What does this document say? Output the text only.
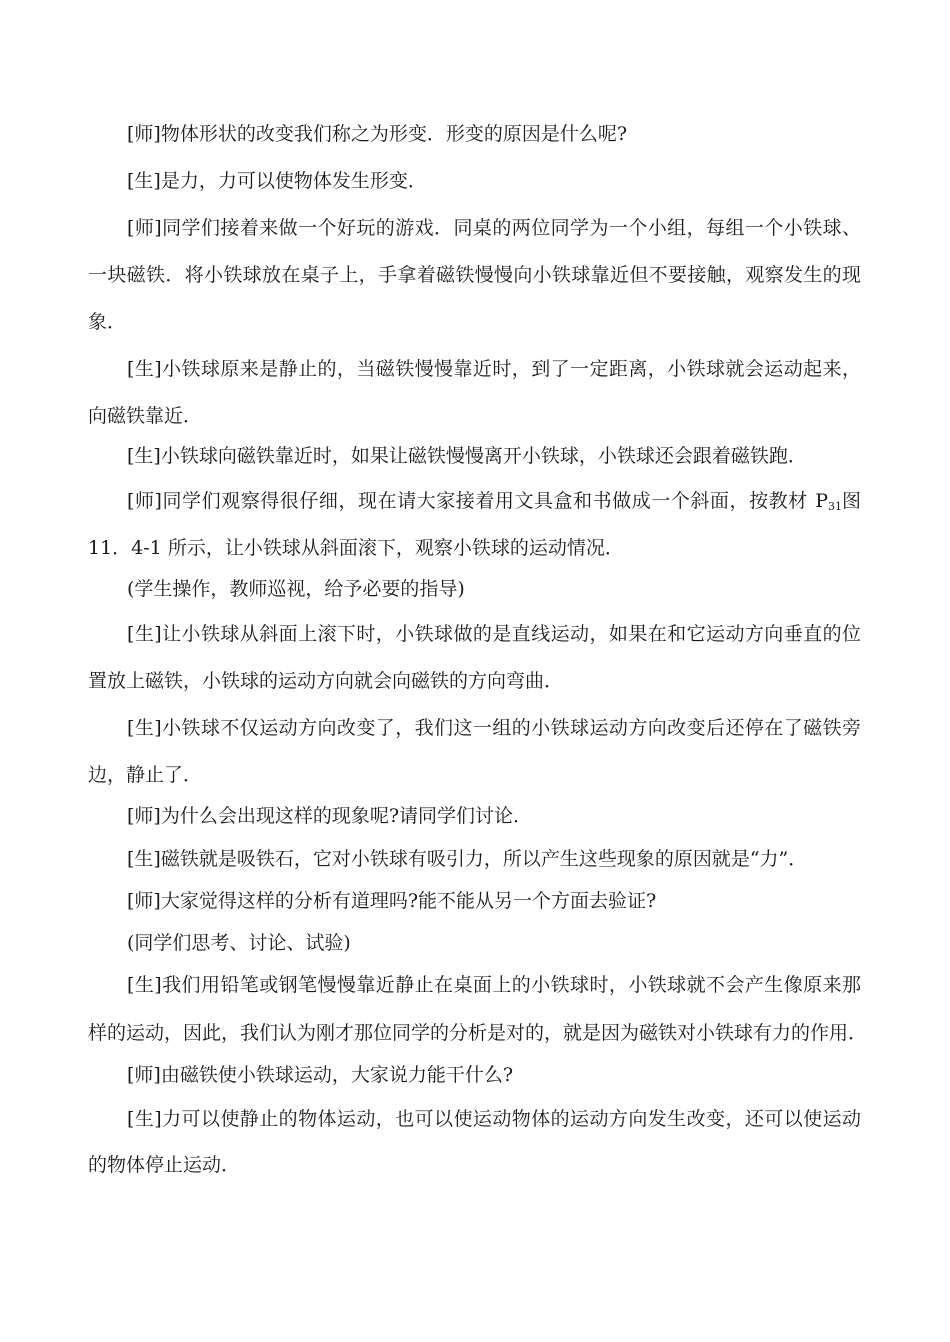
[师]物体形状的改变我们称之为形变．形变的原因是什么呢?
[生]是力，力可以使物体发生形变．
[师]同学们接着来做一个好玩的游戏．同桌的两位同学为一个小组，每组一个小铁球、
一块磁铁．将小铁球放在桌子上，手拿着磁铁慢慢向小铁球靠近但不要接触，观察发生的现
象．
[生]小铁球原来是静止的，当磁铁慢慢靠近时，到了一定距离，小铁球就会运动起来，
向磁铁靠近．
[生]小铁球向磁铁靠近时，如果让磁铁慢慢离开小铁球，小铁球还会跟着磁铁跑．
[师]同学们观察得很仔细，现在请大家接着用文具盒和书做成一个斜面，按教材 $P_{31}$图
11．4-1 所示，让小铁球从斜面滚下，观察小铁球的运动情况．
(学生操作，教师巡视，给予必要的指导)
[生]让小铁球从斜面上滚下时，小铁球做的是直线运动，如果在和它运动方向垂直的位
置放上磁铁，小铁球的运动方向就会向磁铁的方向弯曲．
[生]小铁球不仅运动方向改变了，我们这一组的小铁球运动方向改变后还停在了磁铁旁
边，静止了．
[师]为什么会出现这样的现象呢?请同学们讨论．
[生]磁铁就是吸铁石，它对小铁球有吸引力，所以产生这些现象的原因就是“力”．
[师]大家觉得这样的分析有道理吗?能不能从另一个方面去验证?
(同学们思考、讨论、试验)
[生]我们用铅笔或钢笔慢慢靠近静止在桌面上的小铁球时，小铁球就不会产生像原来那
样的运动，因此，我们认为刚才那位同学的分析是对的，就是因为磁铁对小铁球有力的作用．
[师]由磁铁使小铁球运动，大家说力能干什么?
[生]力可以使静止的物体运动，也可以使运动物体的运动方向发生改变，还可以使运动
的物体停止运动．
